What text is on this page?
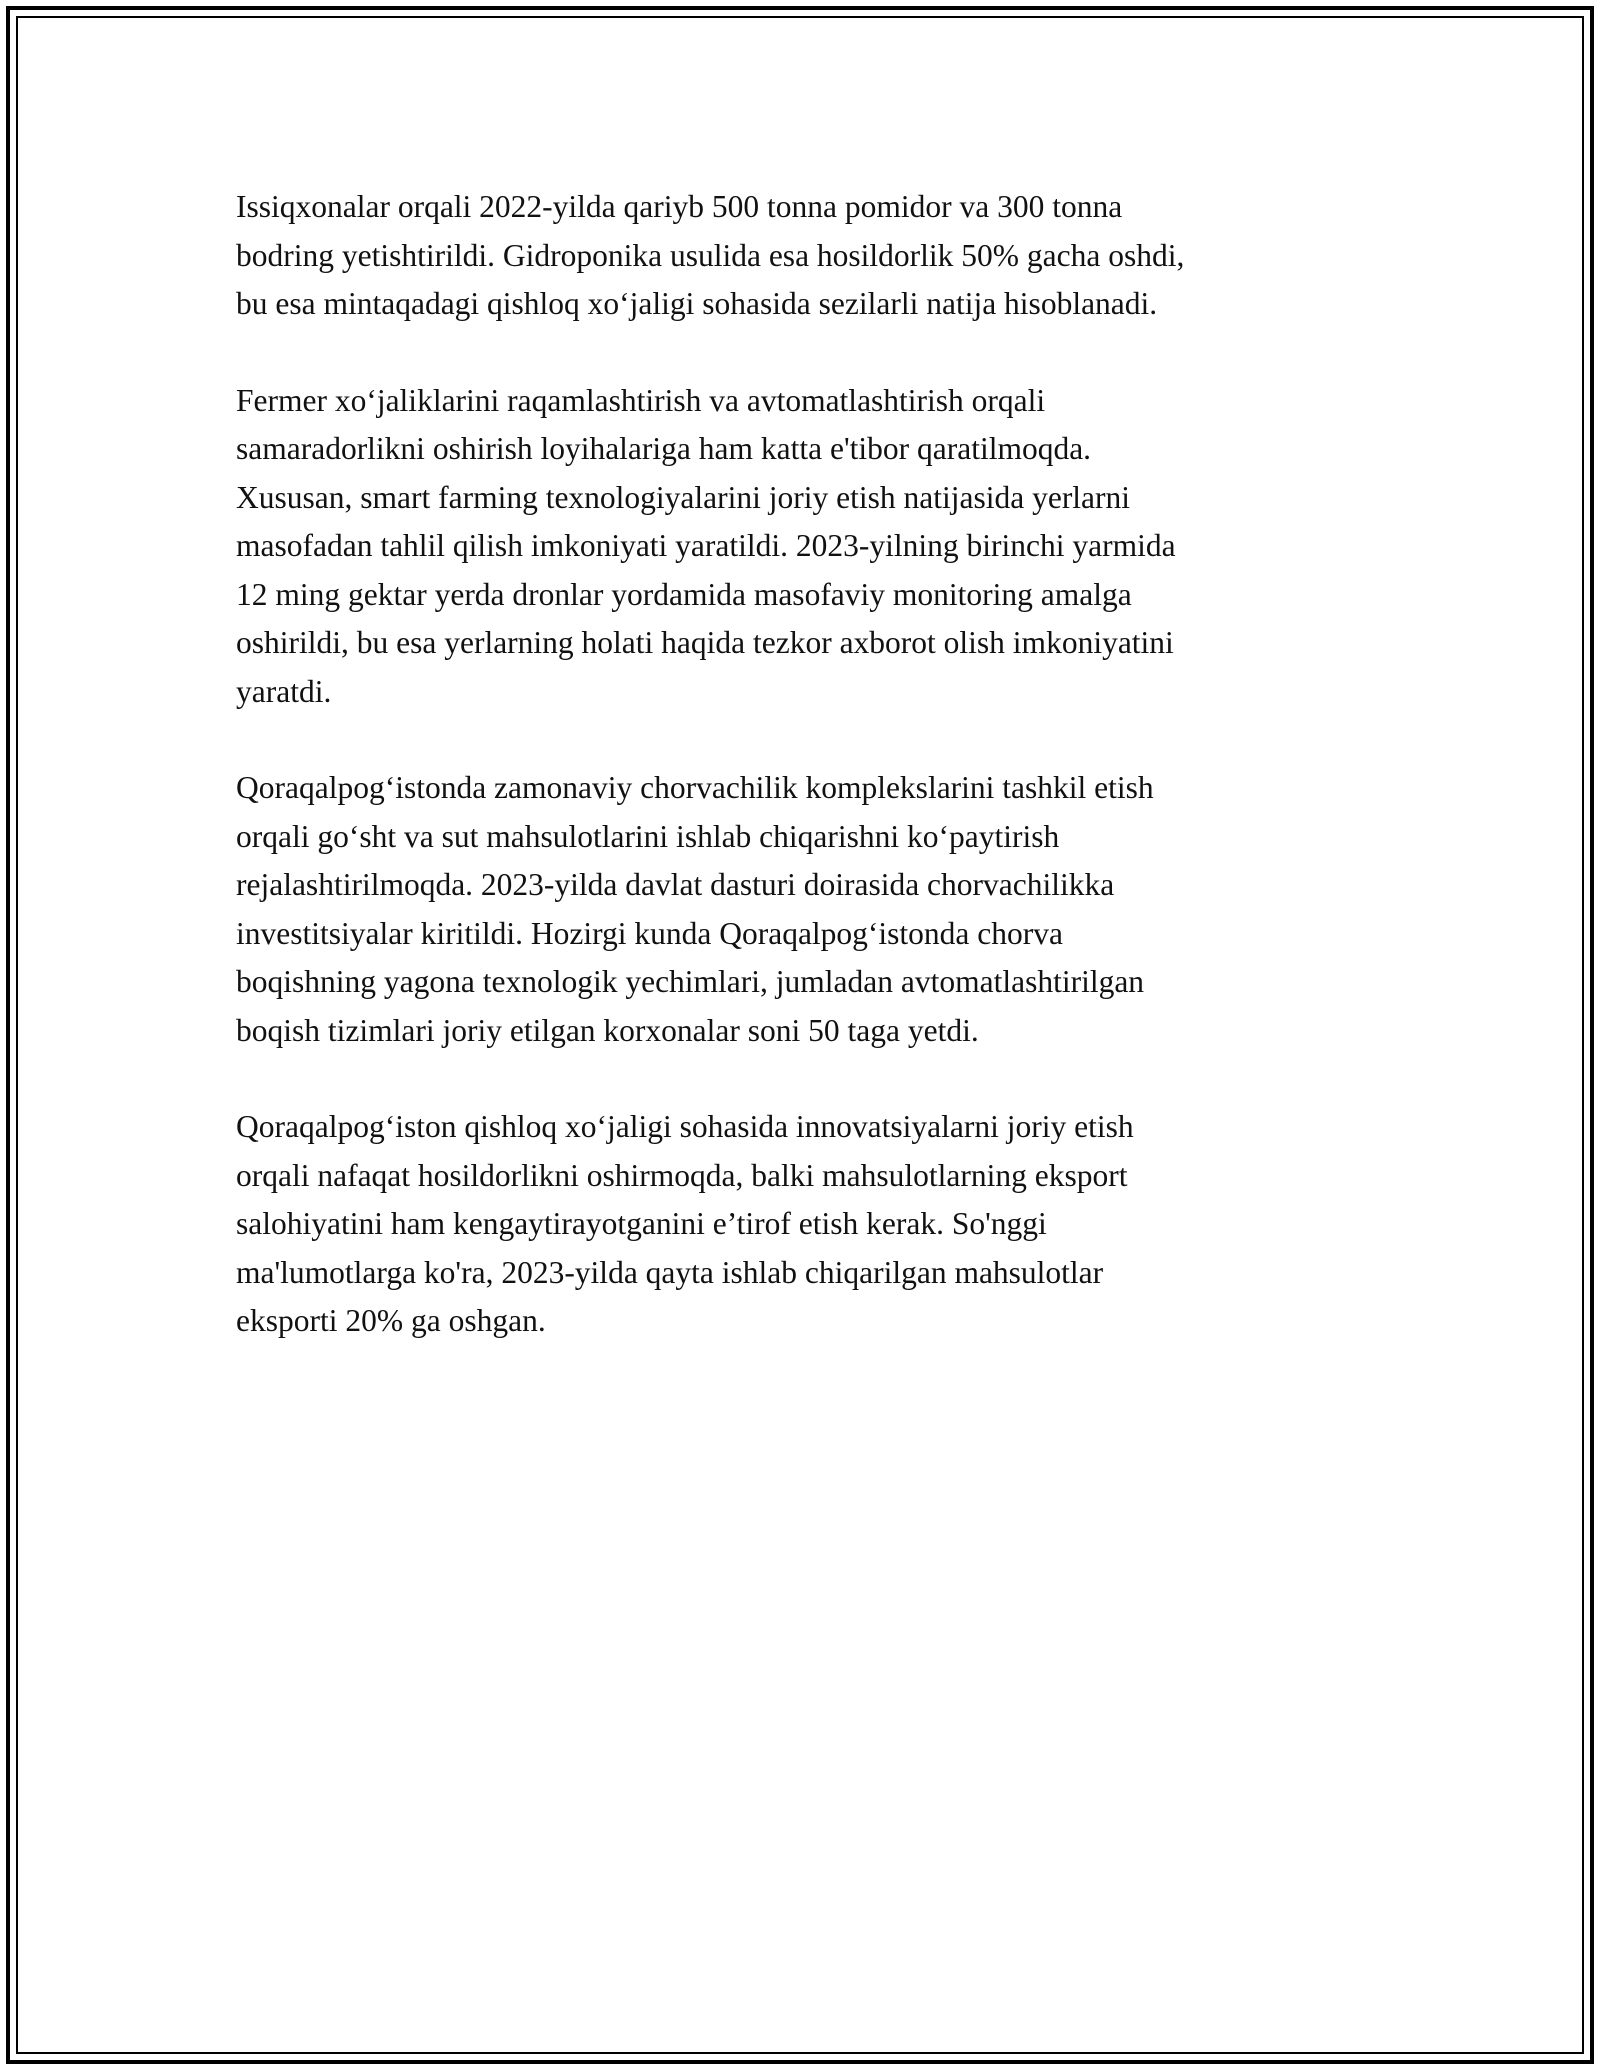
Issiqxonalar orqali 2022-yilda qariyb 500 tonna pomidor va 300 tonna
bodring yetishtirildi. Gidroponika usulida esa hosildorlik 50% gacha oshdi,
bu esa mintaqadagi qishloq xoʻjaligi sohasida sezilarli natija hisoblanadi.

Fermer xoʻjaliklarini raqamlashtirish va avtomatlashtirish orqali
samaradorlikni oshirish loyihalariga ham katta e'tibor qaratilmoqda.
Xususan, smart farming texnologiyalarini joriy etish natijasida yerlarni
masofadan tahlil qilish imkoniyati yaratildi. 2023-yilning birinchi yarmida
12 ming gektar yerda dronlar yordamida masofaviy monitoring amalga
oshirildi, bu esa yerlarning holati haqida tezkor axborot olish imkoniyatini
yaratdi.

Qoraqalpogʻistonda zamonaviy chorvachilik komplekslarini tashkil etish
orqali goʻsht va sut mahsulotlarini ishlab chiqarishni koʻpaytirish
rejalashtirilmoqda. 2023-yilda davlat dasturi doirasida chorvachilikka
investitsiyalar kiritildi. Hozirgi kunda Qoraqalpogʻistonda chorva
boqishning yagona texnologik yechimlari, jumladan avtomatlashtirilgan
boqish tizimlari joriy etilgan korxonalar soni 50 taga yetdi.

Qoraqalpogʻiston qishloq xoʻjaligi sohasida innovatsiyalarni joriy etish
orqali nafaqat hosildorlikni oshirmoqda, balki mahsulotlarning eksport
salohiyatini ham kengaytirayotganini e’tirof etish kerak. So'nggi
ma'lumotlarga ko'ra, 2023-yilda qayta ishlab chiqarilgan mahsulotlar
eksporti 20% ga oshgan.
